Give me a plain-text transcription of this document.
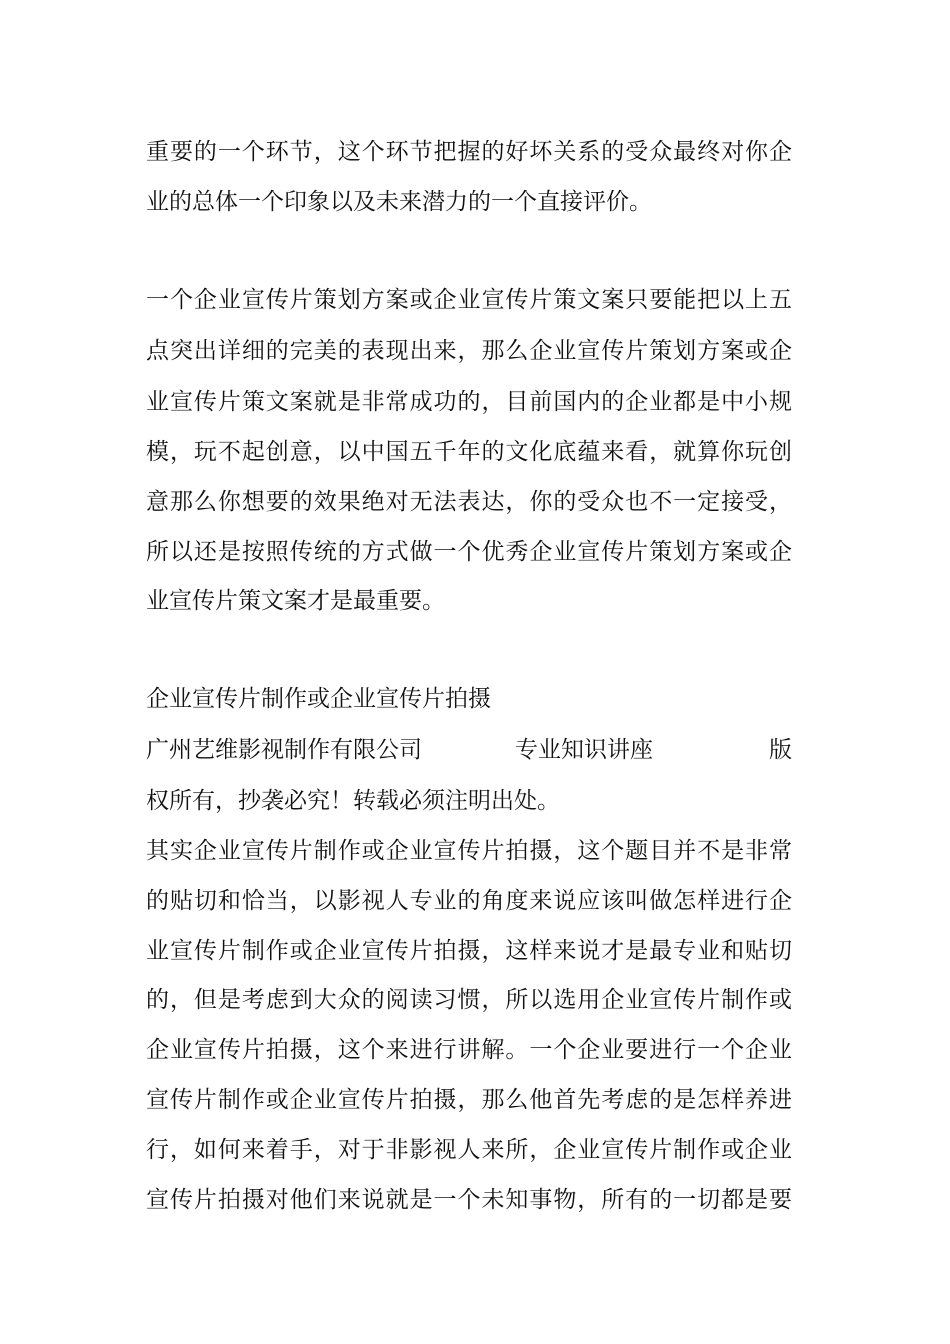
重要的一个环节，这个环节把握的好坏关系的受众最终对你企
业的总体一个印象以及未来潜力的一个直接评价。
一个企业宣传片策划方案或企业宣传片策文案只要能把以上五
点突出详细的完美的表现出来，那么企业宣传片策划方案或企
业宣传片策文案就是非常成功的，目前国内的企业都是中小规
模，玩不起创意，以中国五千年的文化底蕴来看，就算你玩创
意那么你想要的效果绝对无法表达，你的受众也不一定接受，
所以还是按照传统的方式做一个优秀企业宣传片策划方案或企
业宣传片策文案才是最重要。
企业宣传片制作或企业宣传片拍摄
广州艺维影视制作有限公司	专业知识讲座	版
权所有，抄袭必究！转载必须注明出处。
其实企业宣传片制作或企业宣传片拍摄，这个题目并不是非常
的贴切和恰当，以影视人专业的角度来说应该叫做怎样进行企
业宣传片制作或企业宣传片拍摄，这样来说才是最专业和贴切
的，但是考虑到大众的阅读习惯，所以选用企业宣传片制作或
企业宣传片拍摄，这个来进行讲解。一个企业要进行一个企业
宣传片制作或企业宣传片拍摄，那么他首先考虑的是怎样养进
行，如何来着手，对于非影视人来所，企业宣传片制作或企业
宣传片拍摄对他们来说就是一个未知事物，所有的一切都是要
